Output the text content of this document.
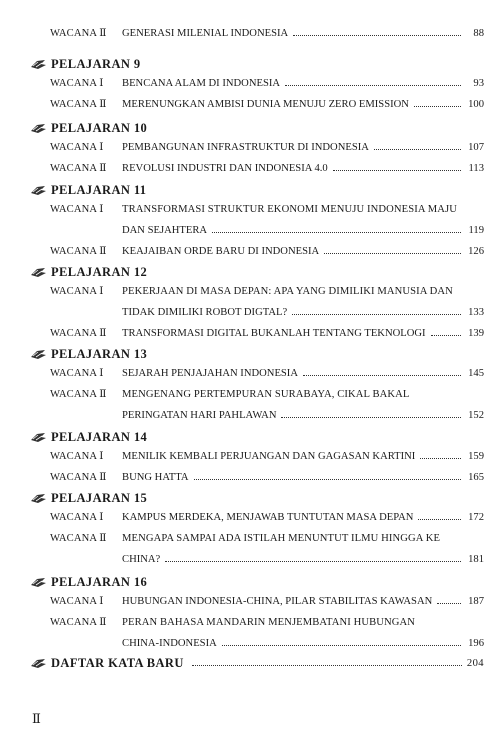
WACANA Ⅱ GENERASI MILENIAL INDONESIA	88
PELAJARAN 9
WACANA Ⅰ BENCANA ALAM DI INDONESIA	93
WACANA Ⅱ MERENUNGKAN AMBISI DUNIA MENUJU ZERO EMISSION	100
PELAJARAN 10
WACANA Ⅰ PEMBANGUNAN INFRASTRUKTUR DI INDONESIA	107
WACANA Ⅱ REVOLUSI INDUSTRI DAN INDONESIA 4.0	113
PELAJARAN 11
WACANA Ⅰ TRANSFORMASI STRUKTUR EKONOMI MENUJU INDONESIA MAJU
DAN SEJAHTERA	119
WACANA Ⅱ KEAJAIBAN ORDE BARU DI INDONESIA	126
PELAJARAN 12
WACANA Ⅰ PEKERJAAN DI MASA DEPAN: APA YANG DIMILIKI MANUSIA DAN
TIDAK DIMILIKI ROBOT DIGTAL?	133
WACANA Ⅱ TRANSFORMASI DIGITAL BUKANLAH TENTANG TEKNOLOGI	139
PELAJARAN 13
WACANA Ⅰ SEJARAH PENJAJAHAN INDONESIA	145
WACANA Ⅱ MENGENANG PERTEMPURAN SURABAYA, CIKAL BAKAL
PERINGATAN HARI PAHLAWAN	152
PELAJARAN 14
WACANA Ⅰ MENILIK KEMBALI PERJUANGAN DAN GAGASAN KARTINI	159
WACANA Ⅱ BUNG HATTA	165
PELAJARAN 15
WACANA Ⅰ KAMPUS MERDEKA, MENJAWAB TUNTUTAN MASA DEPAN	172
WACANA Ⅱ MENGAPA SAMPAI ADA ISTILAH MENUNTUT ILMU HINGGA KE
CHINA?	181
PELAJARAN 16
WACANA Ⅰ HUBUNGAN INDONESIA-CHINA, PILAR STABILITAS KAWASAN	187
WACANA Ⅱ PERAN BAHASA MANDARIN MENJEMBATANI HUBUNGAN
CHINA-INDONESIA	196
DAFTAR KATA BARU	204
Ⅱ
